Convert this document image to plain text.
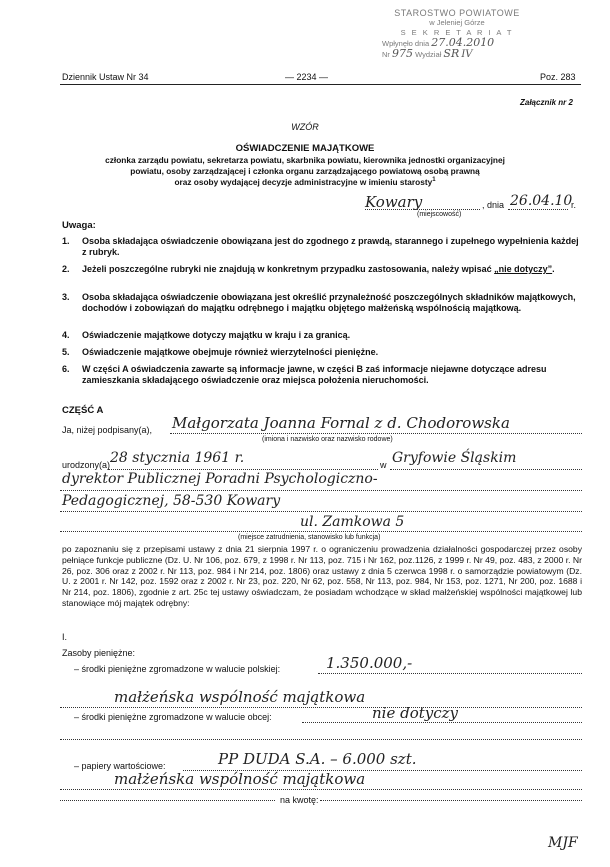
STAROSTWO POWIATOWE
w Jeleniej Górze
S E K R E T A R I A T
Wpłynęło dnia 27.04.2010
Nr 975 Wydział SR IV
Dziennik Ustaw Nr 34	— 2234 —	Poz. 283
Załącznik nr 2
WZÓR
OŚWIADCZENIE MAJĄTKOWE
członka zarządu powiatu, sekretarza powiatu, skarbnika powiatu, kierownika jednostki organizacyjnej
powiatu, osoby zarządzającej i członka organu zarządzającego powiatową osobą prawną
oraz osoby wydającej decyzje administracyjne w imieniu starosty$^1$
Kowary
(miejscowość)
, dnia 26.04.10
r.
Uwaga:
1. Osoba składająca oświadczenie obowiązana jest do zgodnego z prawdą, starannego i zupełnego wypełnienia każdej z rubryk.
2. Jeżeli poszczególne rubryki nie znajdują w konkretnym przypadku zastosowania, należy wpisać „nie dotyczy”.
3. Osoba składająca oświadczenie obowiązana jest określić przynależność poszczególnych składników majątkowych, dochodów i zobowiązań do majątku odrębnego i majątku objętego małżeńską wspólnością majątkową.
4. Oświadczenie majątkowe dotyczy majątku w kraju i za granicą.
5. Oświadczenie majątkowe obejmuje również wierzytelności pieniężne.
6. W części A oświadczenia zawarte są informacje jawne, w części B zaś informacje niejawne dotyczące adresu zamieszkania składającego oświadczenie oraz miejsca położenia nieruchomości.
CZĘŚĆ A
Ja, niżej podpisany(a), Małgorzata Joanna Fornal z d. Chodorowska
(imiona i nazwisko oraz nazwisko rodowe)
urodzony(a) 28 stycznia 1961 r.	w Gryfowie Śląskim
dyrektor Publicznej Poradni Psychologiczno-
Pedagogicznej, 58-530 Kowary
ul. Zamkowa 5
(miejsce zatrudnienia, stanowisko lub funkcja)
po zapoznaniu się z przepisami ustawy z dnia 21 sierpnia 1997 r. o ograniczeniu prowadzenia działalności gospodarczej przez osoby pełniące funkcje publiczne (Dz. U. Nr 106, poz. 679, z 1998 r. Nr 113, poz. 715 i Nr 162, poz.1126, z 1999 r. Nr 49, poz. 483, z 2000 r. Nr 26, poz. 306 oraz z 2002 r. Nr 113, poz. 984 i Nr 214, poz. 1806) oraz ustawy z dnia 5 czerwca 1998 r. o samorządzie powiatowym (Dz. U. z 2001 r. Nr 142, poz. 1592 oraz z 2002 r. Nr 23, poz. 220, Nr 62, poz. 558, Nr 113, poz. 984, Nr 153, poz. 1271, Nr 200, poz. 1688 i Nr 214, poz. 1806), zgodnie z art. 25c tej ustawy oświadczam, że posiadam wchodzące w skład małżeńskiej wspólności majątkowej lub stanowiące mój majątek odrębny:
I.
Zasoby pieniężne:
– środki pieniężne zgromadzone w walucie polskiej:	1.350.000,-
małżeńska wspólność majątkowa
– środki pieniężne zgromadzone w walucie obcej:	nie dotyczy
– papiery wartościowe:	PP DUDA S.A. – 6.000 szt.
małżeńska wspólność majątkowa
na kwotę:
MJF
